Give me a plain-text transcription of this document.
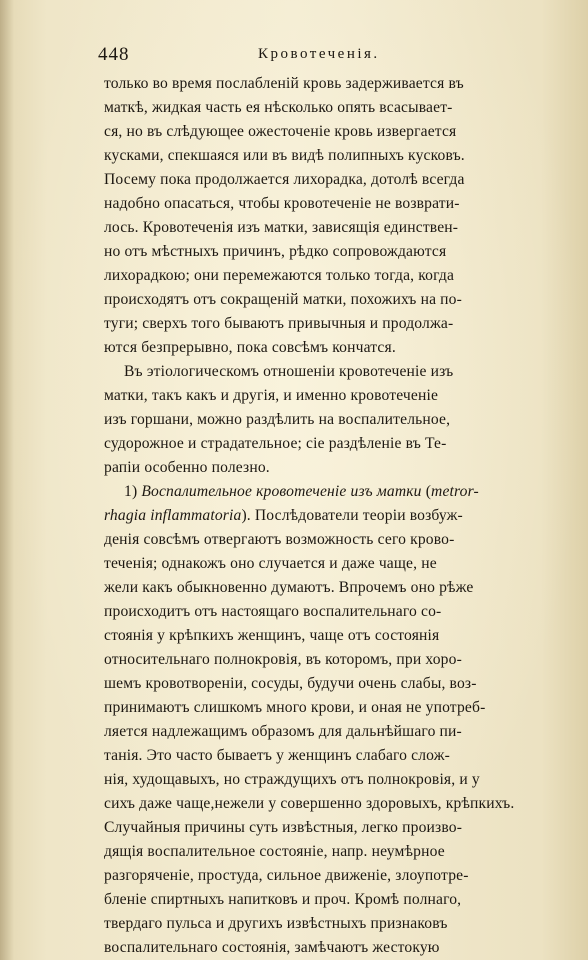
448	Кровотеченія.
только во время послабленій кровь задерживается въ
маткѣ, жидкая часть ея нѣсколько опять всасывает-
ся, но въ слѣдующее ожесточеніе кровь извергается
кусками, спекшаяся или въ видѣ полипныхъ кусковъ.
Посему пока продолжается лихорадка, дотолѣ всегда
надобно опасаться, чтобы кровотеченіе не возврати-
лось. Кровотеченія изъ матки, зависящія единствен-
но отъ мѣстныхъ причинъ, рѣдко сопровождаются
лихорадкою; они перемежаются только тогда, когда
происходятъ отъ сокращеній матки, похожихъ на по-
туги; сверхъ того бываютъ привычныя и продолжа-
ются безпрерывно, пока совсѣмъ кончатся.
Въ этіологическомъ отношеніи кровотеченіе изъ
матки, такъ какъ и другія, и именно кровотеченіе
изъ горшани, можно раздѣлить на воспалительное,
судорожное и страдательное; сіе раздѣленіе въ Те-
рапіи особенно полезно.
1) Воспалительное кровотеченіе изъ матки (metror-
rhagia inflammatoria). Послѣдователи теоріи возбуж-
денія совсѣмъ отвергаютъ возможность сего крово-
теченія; однакожъ оно случается и даже чаще, не
жели какъ обыкновенно думаютъ. Впрочемъ оно рѣже
происходитъ отъ настоящаго воспалительнаго со-
стоянія у крѣпкихъ женщинъ, чаще отъ состоянія
относительнаго полнокровія, въ которомъ, при хоро-
шемъ кровотвореніи, сосуды, будучи очень слабы, воз-
принимаютъ слишкомъ много крови, и оная не употреб-
ляется надлежащимъ образомъ для дальнѣйшаго пи-
танія. Это часто бываетъ у женщинъ слабаго слож-
нія, худощавыхъ, но страждущихъ отъ полнокровія, и у
сихъ даже чаще,нежели у совершенно здоровыхъ, крѣпкихъ.
Случайныя причины суть извѣстныя, легко произво-
дящія воспалительное состояніе, напр. неумѣрное
разгоряченіе, простуда, сильное движеніе, злоупотре-
бленіе спиртныхъ напитковъ и проч. Кромѣ полнаго,
твердаго пульса и другихъ извѣстныхъ признаковъ
воспалительнаго состоянія, замѣчаютъ жестокую
